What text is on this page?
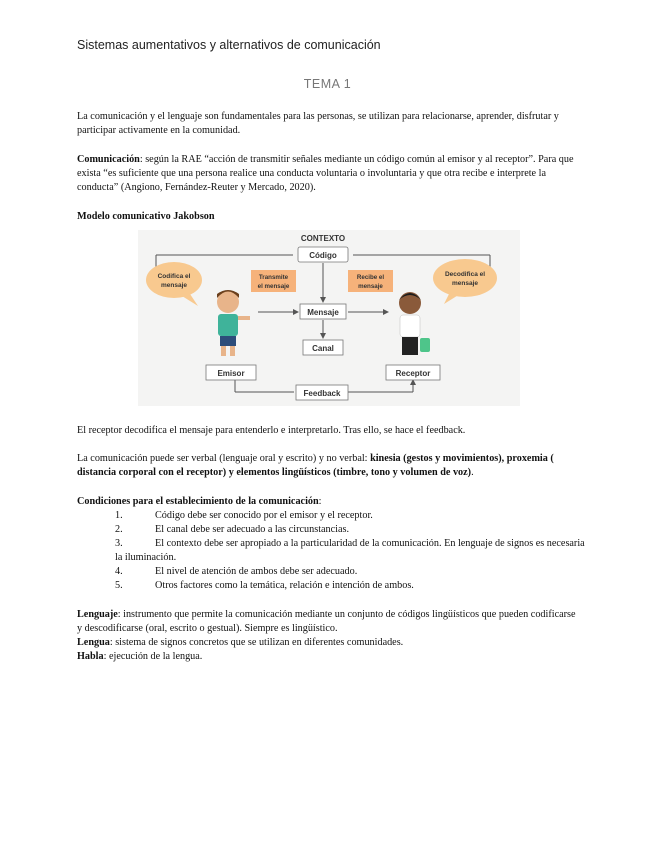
Sistemas aumentativos y alternativos de comunicación
TEMA 1

La comunicación y el lenguaje son fundamentales para las personas, se utilizan para relacionarse, aprender, disfrutar y participar activamente en la comunidad.

Comunicación: según la RAE “acción de transmitir señales mediante un código común al emisor y al receptor”. Para que exista “es suficiente que una persona realice una conducta voluntaria o involuntaria y que otra recibe e interprete la conducta” (Angiono, Fernández-Reuter y Mercado, 2020).

Modelo comunicativo Jakobson

CONTEXTO
Código
Codifica el
mensaje
Transmite
el mensaje
Recibe el
mensaje
Decodifica el
mensaje
Mensaje
Canal
Emisor	Receptor
Feedback

El receptor decodifica el mensaje para entenderlo e interpretarlo. Tras ello, se hace el feedback.

La comunicación puede ser verbal (lenguaje oral y escrito) y no verbal: kinesia (gestos y movimientos), proxemia ( distancia corporal con el receptor) y elementos lingüísticos (timbre, tono y volumen de voz).

Condiciones para el establecimiento de la comunicación:

1.	Código debe ser conocido por el emisor y el receptor.
2.	El canal debe ser adecuado a las circunstancias.
3.	El contexto debe ser apropiado a la particularidad de la comunicación. En lenguaje de signos es necesaria la iluminación.
4.	El nivel de atención de ambos debe ser adecuado.
5.	Otros factores como la temática, relación e intención de ambos.

Lenguaje: instrumento que permite la comunicación mediante un conjunto de códigos lingüísticos que pueden codificarse y descodificarse (oral, escrito o gestual). Siempre es lingüístico.

Lengua: sistema de signos concretos que se utilizan en diferentes comunidades.

Habla: ejecución de la lengua.
